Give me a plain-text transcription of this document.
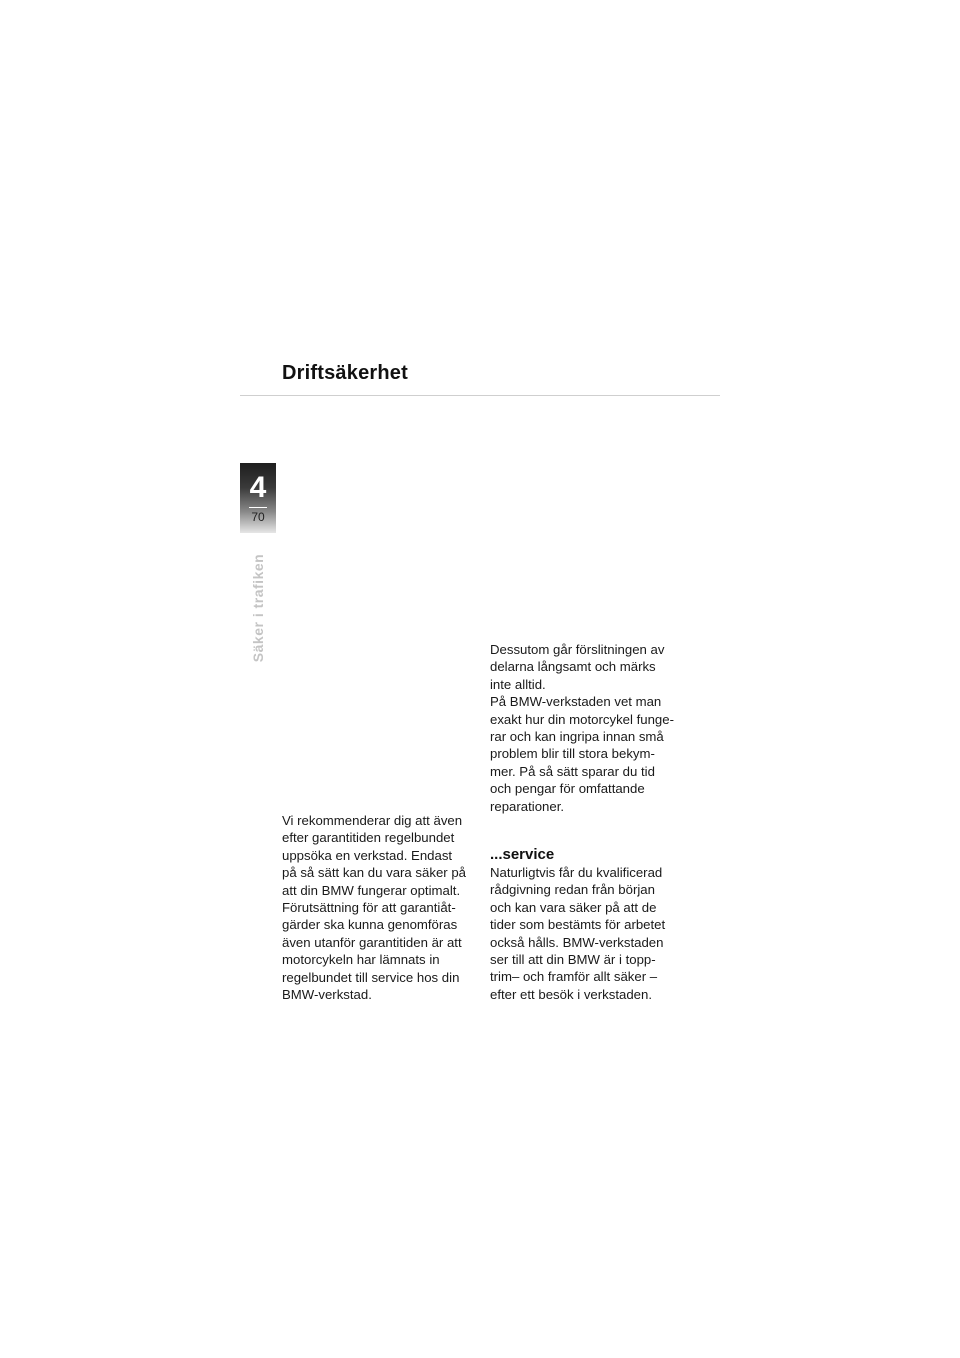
Driftsäkerhet
4
70
Säker i trafiken

Vi rekommenderar dig att även
efter garantitiden regelbundet
uppsöka en verkstad. Endast
på så sätt kan du vara säker på
att din BMW fungerar optimalt.
Förutsättning för att garantiåt-
gärder ska kunna genomföras
även utanför garantitiden är att
motorcykeln har lämnats in
regelbundet till service hos din
BMW-verkstad.

Dessutom går förslitningen av
delarna långsamt och märks
inte alltid.
På BMW-verkstaden vet man
exakt hur din motorcykel funge-
rar och kan ingripa innan små
problem blir till stora bekym-
mer. På så sätt sparar du tid
och pengar för omfattande
reparationer.

...service

Naturligtvis får du kvalificerad
rådgivning redan från början
och kan vara säker på att de
tider som bestämts för arbetet
också hålls. BMW-verkstaden
ser till att din BMW är i topp-
trim– och framför allt säker –
efter ett besök i verkstaden.
